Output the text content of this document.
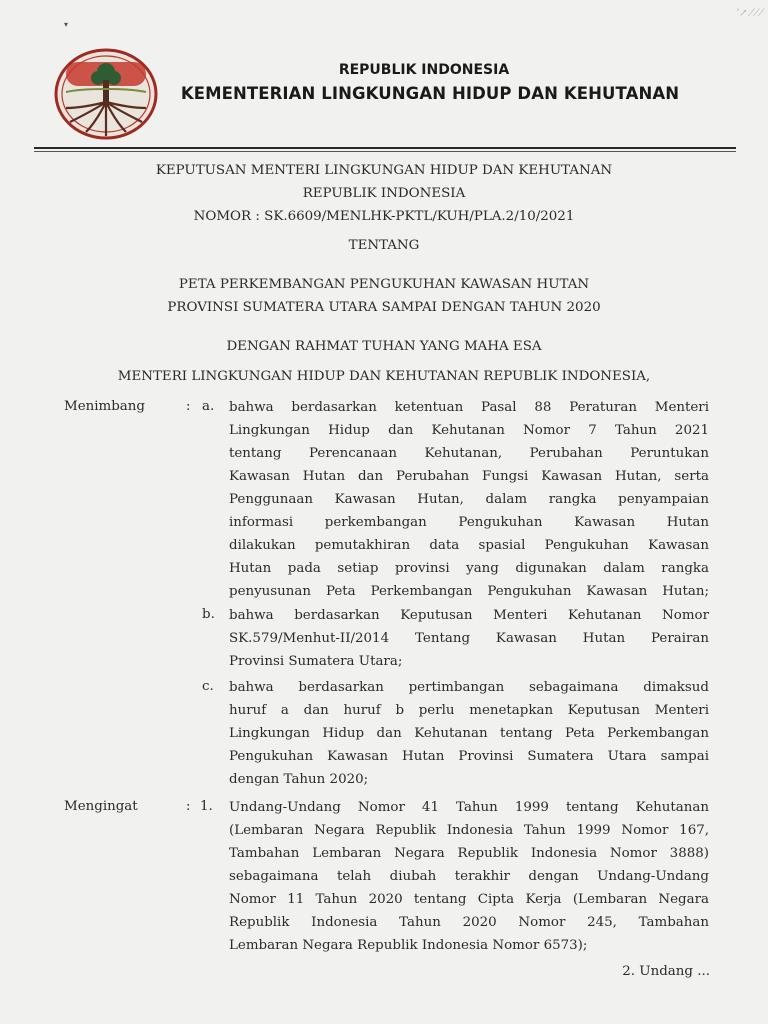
▾
ʼ↗ ⁄ ⁄ ⁄
REPUBLIK INDONESIA
KEMENTERIAN LINGKUNGAN HIDUP DAN KEHUTANAN
KEPUTUSAN MENTERI LINGKUNGAN HIDUP DAN KEHUTANAN
REPUBLIK INDONESIA
NOMOR : SK.6609/MENLHK-PKTL/KUH/PLA.2/10/2021
TENTANG
PETA PERKEMBANGAN PENGUKUHAN KAWASAN HUTAN
PROVINSI SUMATERA UTARA SAMPAI DENGAN TAHUN 2020
DENGAN RAHMAT TUHAN YANG MAHA ESA
MENTERI LINGKUNGAN HIDUP DAN KEHUTANAN REPUBLIK INDONESIA,
Menimbang	: a. bahwa berdasarkan ketentuan Pasal 88 Peraturan Menteri
Lingkungan Hidup dan Kehutanan Nomor 7 Tahun 2021
tentang Perencanaan Kehutanan, Perubahan Peruntukan
Kawasan Hutan dan Perubahan Fungsi Kawasan Hutan, serta
Penggunaan Kawasan Hutan, dalam rangka penyampaian
informasi perkembangan Pengukuhan Kawasan Hutan
dilakukan pemutakhiran data spasial Pengukuhan Kawasan
Hutan pada setiap provinsi yang digunakan dalam rangka
penyusunan Peta Perkembangan Pengukuhan Kawasan Hutan;
b. bahwa berdasarkan Keputusan Menteri Kehutanan Nomor
SK.579/Menhut-II/2014 Tentang Kawasan Hutan Perairan
Provinsi Sumatera Utara;
c. bahwa berdasarkan pertimbangan sebagaimana dimaksud
huruf a dan huruf b perlu menetapkan Keputusan Menteri
Lingkungan Hidup dan Kehutanan tentang Peta Perkembangan
Pengukuhan Kawasan Hutan Provinsi Sumatera Utara sampai
dengan Tahun 2020;
Mengingat	: 1. Undang-Undang Nomor 41 Tahun 1999 tentang Kehutanan
(Lembaran Negara Republik Indonesia Tahun 1999 Nomor 167,
Tambahan Lembaran Negara Republik Indonesia Nomor 3888)
sebagaimana telah diubah terakhir dengan Undang-Undang
Nomor 11 Tahun 2020 tentang Cipta Kerja (Lembaran Negara
Republik Indonesia Tahun 2020 Nomor 245, Tambahan
Lembaran Negara Republik Indonesia Nomor 6573);
2. Undang ...
